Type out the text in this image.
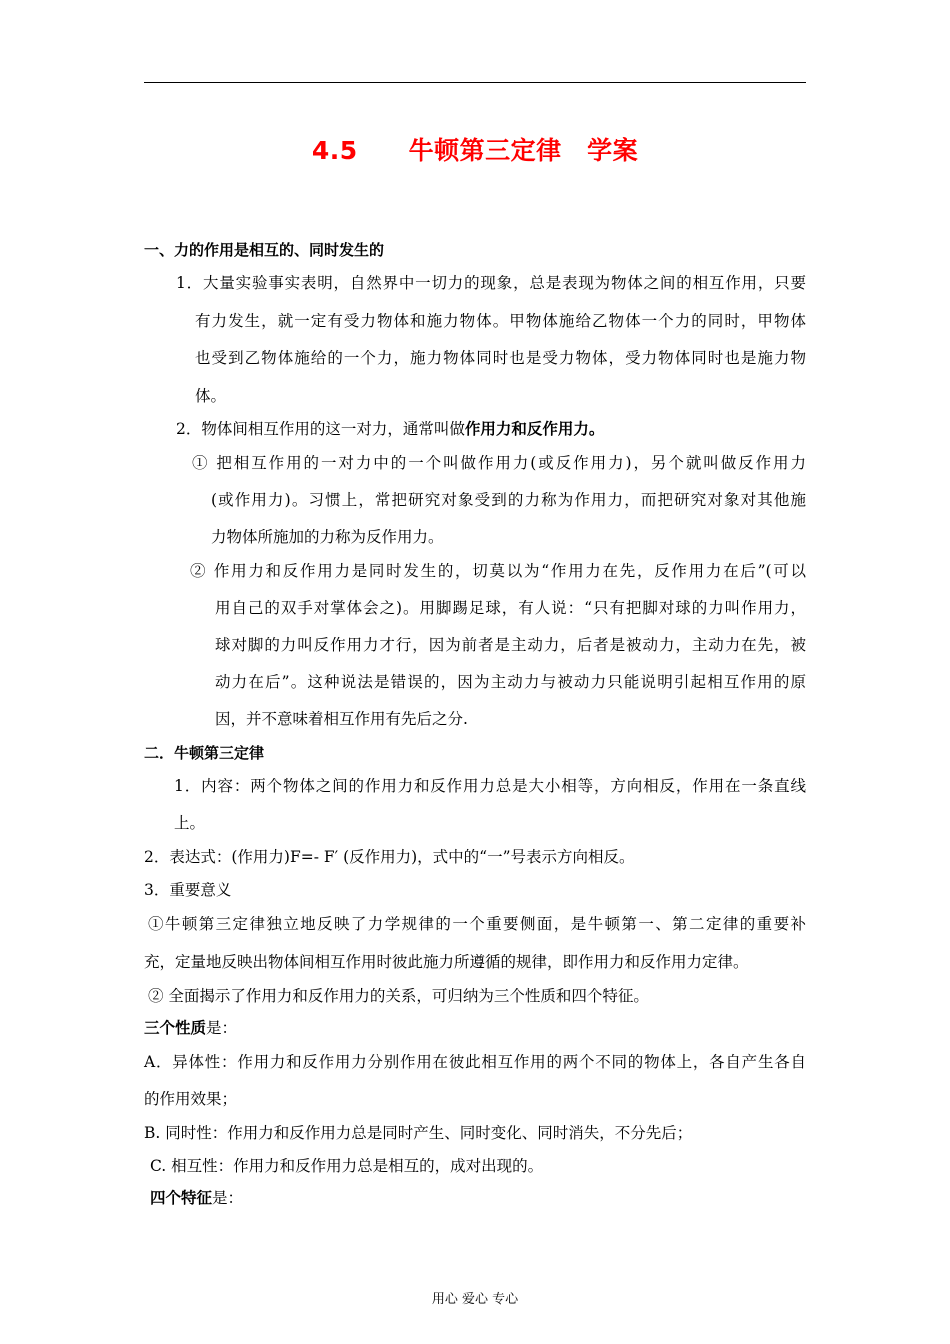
4.5　　牛顿第三定律　学案
一、力的作用是相互的、同时发生的
1．大量实验事实表明，自然界中一切力的现象，总是表现为物体之间的相互作用，只要
有力发生，就一定有受力物体和施力物体。甲物体施给乙物体一个力的同时，甲物体
也受到乙物体施给的一个力，施力物体同时也是受力物体，受力物体同时也是施力物
体。
2．物体间相互作用的这一对力，通常叫做作用力和反作用力。
① 把相互作用的一对力中的一个叫做作用力(或反作用力)，另个就叫做反作用力
(或作用力)。习惯上，常把研究对象受到的力称为作用力，而把研究对象对其他施
力物体所施加的力称为反作用力。
② 作用力和反作用力是同时发生的，切莫以为“作用力在先，反作用力在后”(可以
用自己的双手对掌体会之)。用脚踢足球，有人说：“只有把脚对球的力叫作用力，
球对脚的力叫反作用力才行，因为前者是主动力，后者是被动力，主动力在先，被
动力在后”。这种说法是错误的，因为主动力与被动力只能说明引起相互作用的原
因，并不意味着相互作用有先后之分.
二．牛顿第三定律
1．内容：两个物体之间的作用力和反作用力总是大小相等，方向相反，作用在一条直线
上。
2．表达式：(作用力)F=- F′ (反作用力)，式中的“一”号表示方向相反。
3．重要意义
①牛顿第三定律独立地反映了力学规律的一个重要侧面，是牛顿第一、第二定律的重要补
充，定量地反映出物体间相互作用时彼此施力所遵循的规律，即作用力和反作用力定律。
② 全面揭示了作用力和反作用力的关系，可归纳为三个性质和四个特征。
三个性质是：
A．异体性：作用力和反作用力分别作用在彼此相互作用的两个不同的物体上，各自产生各自
的作用效果；
B. 同时性：作用力和反作用力总是同时产生、同时变化、同时消失，不分先后；
C. 相互性：作用力和反作用力总是相互的，成对出现的。
四个特征是：
用心 爱心 专心
